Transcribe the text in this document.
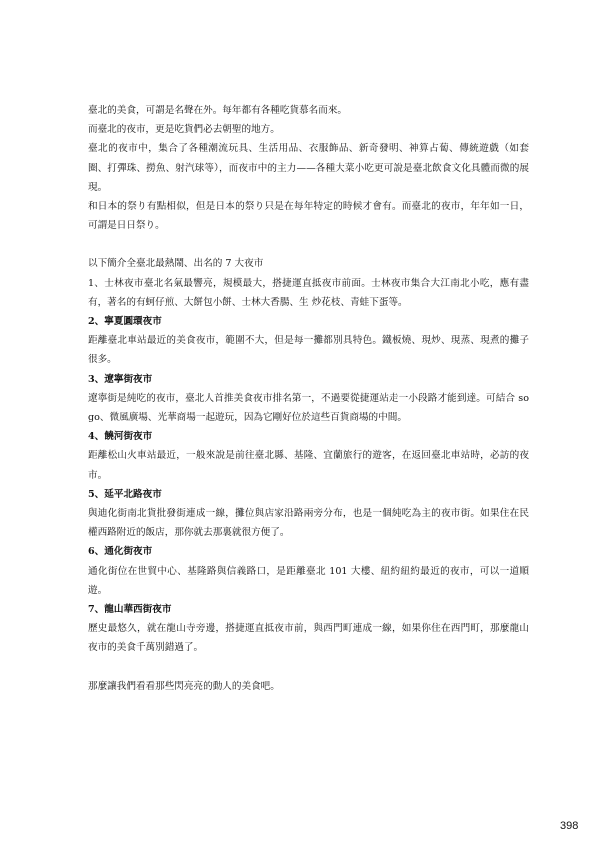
臺北的美食，可謂是名聲在外。每年都有各種吃貨慕名而來。

而臺北的夜市，更是吃貨們必去朝聖的地方。

臺北的夜市中，集合了各種潮流玩具、生活用品、衣服飾品、新奇發明、神算占蔔、傳統遊戲（如套圈、打彈珠、撈魚、射汽球等），而夜市中的主力——各種大菜小吃更可說是臺北飲食文化具體而微的展現。

和日本的祭り有點相似，但是日本的祭り只是在每年特定的時候才會有。而臺北的夜市，年年如一日，可謂是日日祭り。

以下簡介全臺北最熱鬧、出名的 7 大夜市

1、士林夜市臺北名氣最響亮，規模最大，搭捷運直抵夜市前面。士林夜市集合大江南北小吃，應有盡有，著名的有蚵仔煎、大餅包小餅、士林大香腸、生 炒花枝、青蛙下蛋等。

2、寧夏圓環夜市

距離臺北車站最近的美食夜市，範圍不大，但是每一攤都別具特色。鐵板燒、現炒、現蒸、現煮的攤子很多。

3、遼寧街夜市

遼寧街是純吃的夜市，臺北人首推美食夜市排名第一，不過要從捷運站走一小段路才能到達。可結合 sogo、微風廣場、光華商場一起遊玩，因為它剛好位於這些百貨商場的中間。

4、饒河街夜市

距離松山火車站最近，一般來說是前往臺北縣、基隆、宜蘭旅行的遊客，在返回臺北車站時，必訪的夜市。

5、延平北路夜市

與迪化街南北貨批發街連成一線，攤位與店家沿路兩旁分布，也是一個純吃為主的夜市街。如果住在民權西路附近的飯店，那你就去那裏就很方便了。

6、通化街夜市

通化街位在世貿中心、基隆路與信義路口，是距離臺北 101 大樓、紐約紐約最近的夜市，可以一道順遊。

7、龍山華西街夜市

歷史最悠久，就在龍山寺旁邊，搭捷運直抵夜市前，與西門町連成一線，如果你住在西門町，那麼龍山夜市的美食千萬別錯過了。

那麼讓我們看看那些閃亮亮的動人的美食吧。

398
